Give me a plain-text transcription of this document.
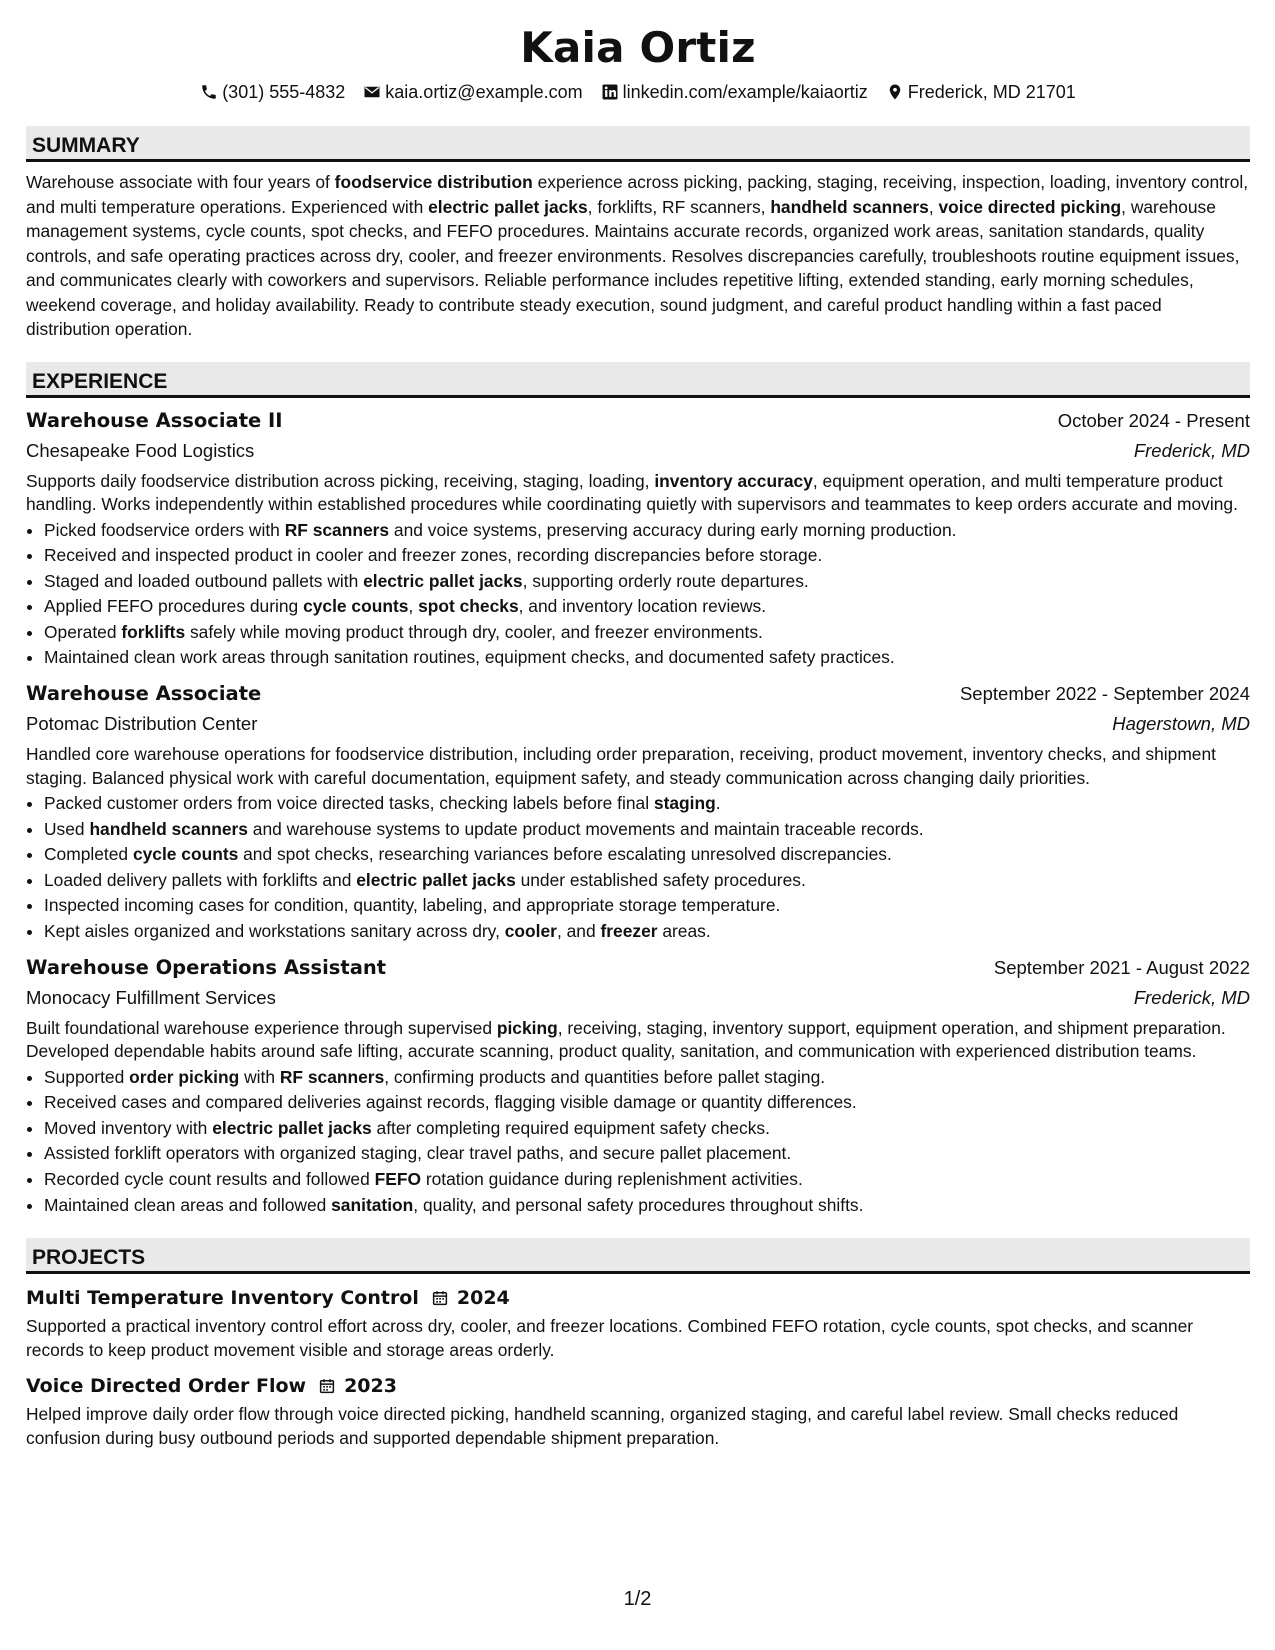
Kaia Ortiz
(301) 555-4832 kaia.ortiz@example.com linkedin.com/example/kaiaortiz Frederick, MD 21701
SUMMARY
Warehouse associate with four years of foodservice distribution experience across picking, packing, staging, receiving, inspection, loading, inventory control, and multi temperature operations. Experienced with electric pallet jacks, forklifts, RF scanners, handheld scanners, voice directed picking, warehouse management systems, cycle counts, spot checks, and FEFO procedures. Maintains accurate records, organized work areas, sanitation standards, quality controls, and safe operating practices across dry, cooler, and freezer environments. Resolves discrepancies carefully, troubleshoots routine equipment issues, and communicates clearly with coworkers and supervisors. Reliable performance includes repetitive lifting, extended standing, early morning schedules, weekend coverage, and holiday availability. Ready to contribute steady execution, sound judgment, and careful product handling within a fast paced distribution operation.
EXPERIENCE
Warehouse Associate II	October 2024 - Present
Chesapeake Food Logistics	Frederick, MD
Supports daily foodservice distribution across picking, receiving, staging, loading, inventory accuracy, equipment operation, and multi temperature product handling. Works independently within established procedures while coordinating quietly with supervisors and teammates to keep orders accurate and moving.
• Picked foodservice orders with RF scanners and voice systems, preserving accuracy during early morning production.
• Received and inspected product in cooler and freezer zones, recording discrepancies before storage.
• Staged and loaded outbound pallets with electric pallet jacks, supporting orderly route departures.
• Applied FEFO procedures during cycle counts, spot checks, and inventory location reviews.
• Operated forklifts safely while moving product through dry, cooler, and freezer environments.
• Maintained clean work areas through sanitation routines, equipment checks, and documented safety practices.
Warehouse Associate	September 2022 - September 2024
Potomac Distribution Center	Hagerstown, MD
Handled core warehouse operations for foodservice distribution, including order preparation, receiving, product movement, inventory checks, and shipment staging. Balanced physical work with careful documentation, equipment safety, and steady communication across changing daily priorities.
• Packed customer orders from voice directed tasks, checking labels before final staging.
• Used handheld scanners and warehouse systems to update product movements and maintain traceable records.
• Completed cycle counts and spot checks, researching variances before escalating unresolved discrepancies.
• Loaded delivery pallets with forklifts and electric pallet jacks under established safety procedures.
• Inspected incoming cases for condition, quantity, labeling, and appropriate storage temperature.
• Kept aisles organized and workstations sanitary across dry, cooler, and freezer areas.
Warehouse Operations Assistant	September 2021 - August 2022
Monocacy Fulfillment Services	Frederick, MD
Built foundational warehouse experience through supervised picking, receiving, staging, inventory support, equipment operation, and shipment preparation. Developed dependable habits around safe lifting, accurate scanning, product quality, sanitation, and communication with experienced distribution teams.
• Supported order picking with RF scanners, confirming products and quantities before pallet staging.
• Received cases and compared deliveries against records, flagging visible damage or quantity differences.
• Moved inventory with electric pallet jacks after completing required equipment safety checks.
• Assisted forklift operators with organized staging, clear travel paths, and secure pallet placement.
• Recorded cycle count results and followed FEFO rotation guidance during replenishment activities.
• Maintained clean areas and followed sanitation, quality, and personal safety procedures throughout shifts.
PROJECTS
Multi Temperature Inventory Control 2024
Supported a practical inventory control effort across dry, cooler, and freezer locations. Combined FEFO rotation, cycle counts, spot checks, and scanner records to keep product movement visible and storage areas orderly.
Voice Directed Order Flow 2023
Helped improve daily order flow through voice directed picking, handheld scanning, organized staging, and careful label review. Small checks reduced confusion during busy outbound periods and supported dependable shipment preparation.
1/2
